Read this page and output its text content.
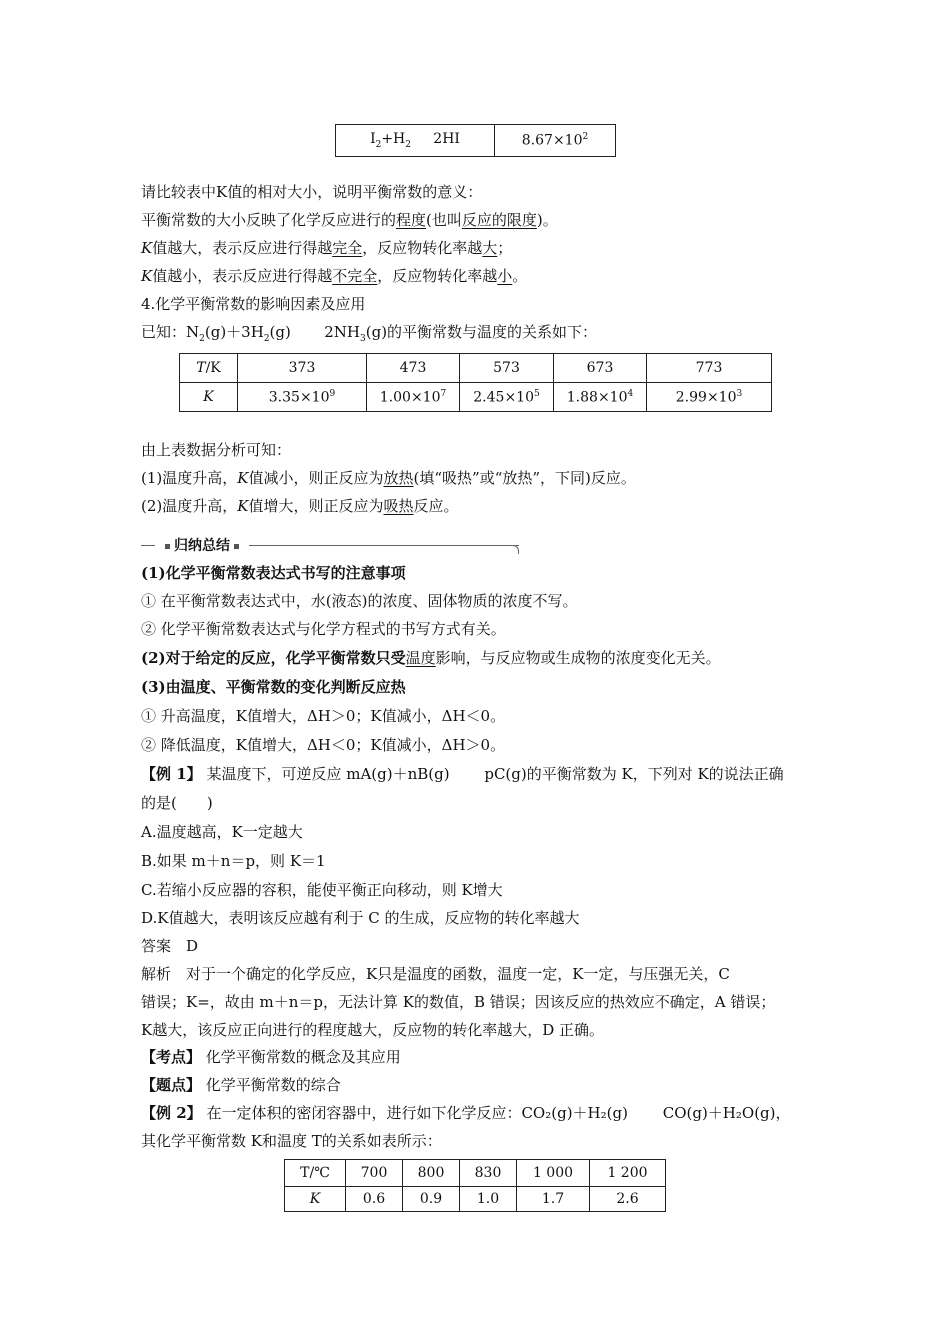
$I_2+H_2$ 2HI	$8.67\times 10^2$
请比较表中K值的相对大小，说明平衡常数的意义：
平衡常数的大小反映了化学反应进行的程度(也叫反应的限度)。
K值越大，表示反应进行得越完全，反应物转化率越大；
K值越小，表示反应进行得越不完全，反应物转化率越小。
4.化学平衡常数的影响因素及应用
已知：$N_2(g)+3H_2(g)$ $2NH_3(g)$的平衡常数与温度的关系如下：
T/K	373	473	573	673	773
K	$3.35\times 10^9$	$1.00\times 10^7$	$2.45\times 10^5$	$1.88\times 10^4$	$2.99\times 10^3$
由上表数据分析可知：
(1)温度升高，K值减小，则正反应为放热(填“吸热”或“放热”，下同)反应。
(2)温度升高，K值增大，则正反应为吸热反应。
归纳总结
(1)化学平衡常数表达式书写的注意事项
① 在平衡常数表达式中，水(液态)的浓度、固体物质的浓度不写。
② 化学平衡常数表达式与化学方程式的书写方式有关。
(2)对于给定的反应，化学平衡常数只受温度影响，与反应物或生成物的浓度变化无关。
(3)由温度、平衡常数的变化判断反应热
① 升高温度，K值增大，ΔH＞0；K值减小，ΔH＜0。
② 降低温度，K值增大，ΔH＜0；K值减小，ΔH＞0。
【例 1】 某温度下，可逆反应 mA(g)＋nB(g)　　 pC(g)的平衡常数为 K，下列对 K的说法正确
的是(　　)
A.温度越高，K一定越大
B.如果 m＋n＝p，则 K＝1
C.若缩小反应器的容积，能使平衡正向移动，则 K增大
D.K值越大，表明该反应越有利于 C 的生成，反应物的转化率越大
答案　D
解析　对于一个确定的化学反应，K只是温度的函数，温度一定，K一定，与压强无关，C
错误；K=，故由 m＋n＝p，无法计算 K的数值，B 错误；因该反应的热效应不确定，A 错误；
K越大，该反应正向进行的程度越大，反应物的转化率越大，D 正确。
【考点】 化学平衡常数的概念及其应用
【题点】 化学平衡常数的综合
【例 2】 在一定体积的密闭容器中，进行如下化学反应：CO₂(g)＋H₂(g)　　 CO(g)＋H₂O(g)，
其化学平衡常数 K和温度 T的关系如表所示：
T/℃	700	800	830	1 000	1 200
K	0.6	0.9	1.0	1.7	2.6
